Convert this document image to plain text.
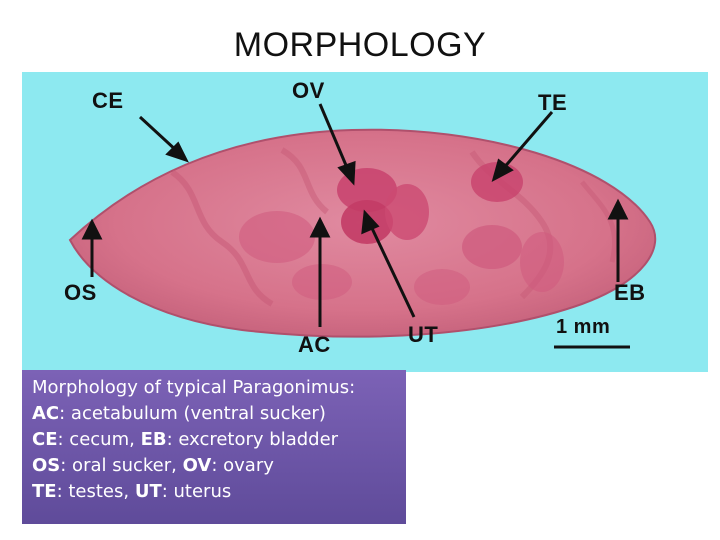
MORPHOLOGY
CE	OV	TE
OS	EB
AC	UT	1 mm
Morphology of typical Paragonimus:
AC: acetabulum (ventral sucker)
CE: cecum, EB: excretory bladder
OS: oral sucker, OV: ovary
TE: testes, UT: uterus
